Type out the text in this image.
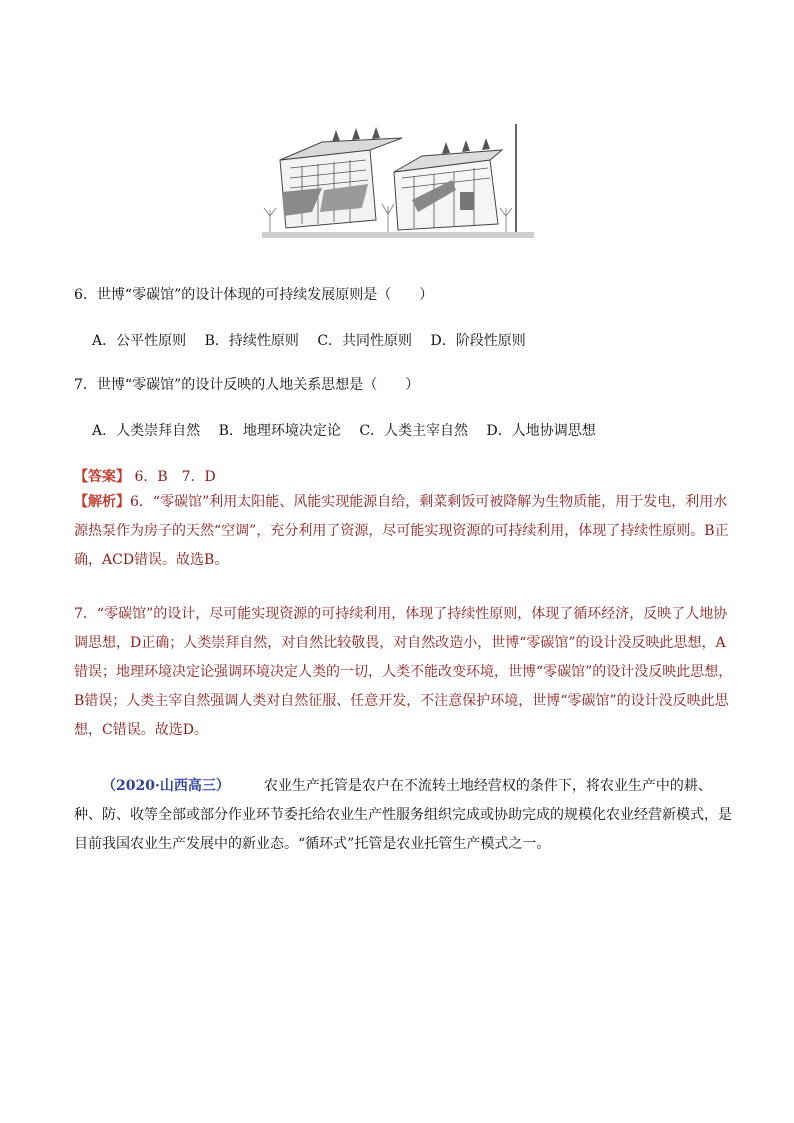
6．世博“零碳馆”的设计体现的可持续发展原则是（　　）
A．公平性原则 B．持续性原则 C．共同性原则 D．阶段性原则
7．世博“零碳馆”的设计反映的人地关系思想是（　　）
A．人类崇拜自然 B．地理环境决定论 C．人类主宰自然 D．人地协调思想
【答案】 6．B　7．D
【解析】6．“零碳馆”利用太阳能、风能实现能源自给，剩菜剩饭可被降解为生物质能，用于发电，利用水源热泵作为房子的天然“空调”，充分利用了资源，尽可能实现资源的可持续利用，体现了持续性原则。B正确，ACD错误。故选B。
7．“零碳馆”的设计，尽可能实现资源的可持续利用，体现了持续性原则，体现了循环经济，反映了人地协调思想，D正确；人类崇拜自然，对自然比较敬畏，对自然改造小，世博“零碳馆”的设计没反映此思想，A错误；地理环境决定论强调环境决定人类的一切，人类不能改变环境，世博“零碳馆”的设计没反映此思想，B错误；人类主宰自然强调人类对自然征服、任意开发，不注意保护环境，世博“零碳馆”的设计没反映此思想，C错误。故选D。
（2020·山西高三） 农业生产托管是农户在不流转土地经营权的条件下，将农业生产中的耕、种、防、收等全部或部分作业环节委托给农业生产性服务组织完成或协助完成的规模化农业经营新模式，是目前我国农业生产发展中的新业态。“循环式”托管是农业托管生产模式之一。
